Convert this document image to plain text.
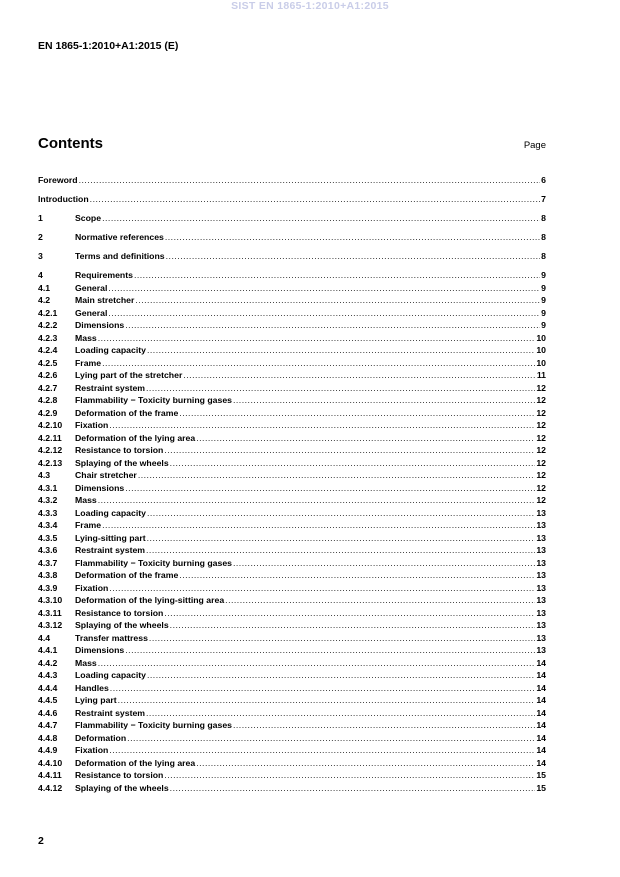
SIST EN 1865-1:2010+A1:2015
EN 1865-1:2010+A1:2015 (E)
Contents	Page
Foreword .....	6
Introduction .....	7
1	Scope .....	8
2	Normative references .....	8
3	Terms and definitions .....	8
4	Requirements .....	9
4.1	General .....	9
4.2	Main stretcher .....	9
4.2.1	General .....	9
4.2.2	Dimensions .....	9
4.2.3	Mass .....	10
4.2.4	Loading capacity .....	10
4.2.5	Frame .....	10
4.2.6	Lying part of the stretcher .....	11
4.2.7	Restraint system .....	12
4.2.8	Flammability − Toxicity burning gases .....	12
4.2.9	Deformation of the frame .....	12
4.2.10	Fixation .....	12
4.2.11	Deformation of the lying area .....	12
4.2.12	Resistance to torsion .....	12
4.2.13	Splaying of the wheels .....	12
4.3	Chair stretcher .....	12
4.3.1	Dimensions .....	12
4.3.2	Mass .....	12
4.3.3	Loading capacity .....	13
4.3.4	Frame .....	13
4.3.5	Lying-sitting part .....	13
4.3.6	Restraint system .....	13
4.3.7	Flammability − Toxicity burning gases .....	13
4.3.8	Deformation of the frame .....	13
4.3.9	Fixation .....	13
4.3.10	Deformation of the lying-sitting area .....	13
4.3.11	Resistance to torsion .....	13
4.3.12	Splaying of the wheels .....	13
4.4	Transfer mattress .....	13
4.4.1	Dimensions .....	13
4.4.2	Mass .....	14
4.4.3	Loading capacity .....	14
4.4.4	Handles .....	14
4.4.5	Lying part .....	14
4.4.6	Restraint system .....	14
4.4.7	Flammability − Toxicity burning gases .....	14
4.4.8	Deformation .....	14
4.4.9	Fixation .....	14
4.4.10	Deformation of the lying area .....	14
4.4.11	Resistance to torsion .....	15
4.4.12	Splaying of the wheels .....	15
2
